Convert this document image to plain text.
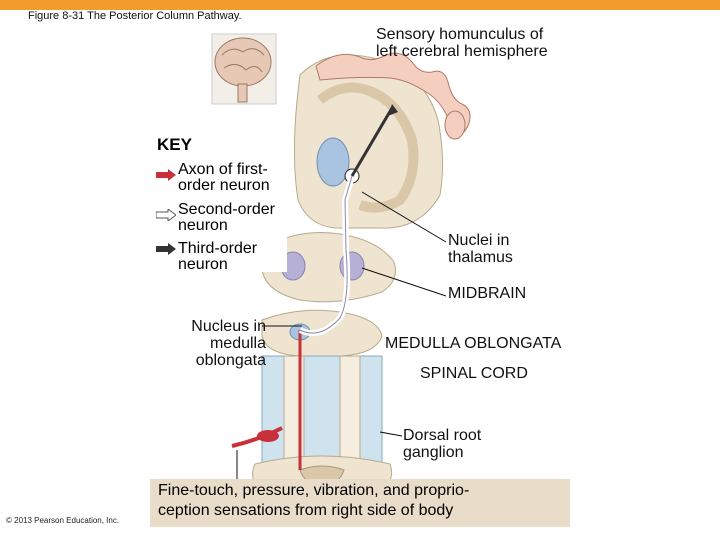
Figure 8-31 The Posterior Column Pathway.
Sensory homunculus of
left cerebral hemisphere
KEY
Axon of first-
order neuron
Second-order
neuron
Third-order
neuron
Nuclei in
thalamus
MIDBRAIN
Nucleus in
medulla
oblongata
MEDULLA OBLONGATA
SPINAL CORD
Dorsal root
ganglion
Fine-touch, pressure, vibration, and proprio-
ception sensations from right side of body
© 2013 Pearson Education, Inc.
